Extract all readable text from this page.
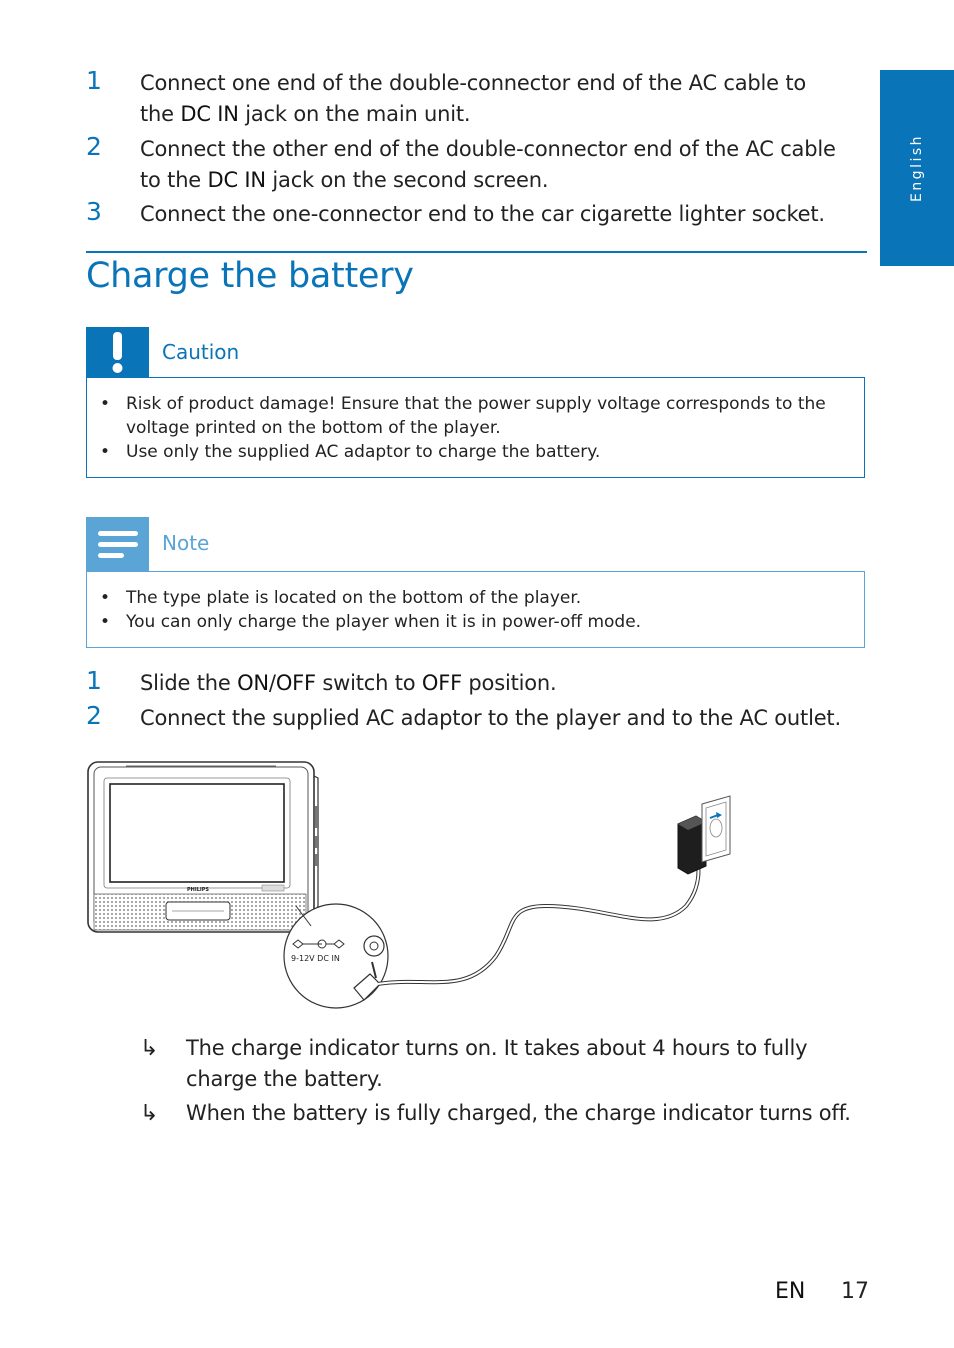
English
1 Connect one end of the double-connector end of the AC cable to
the DC IN jack on the main unit.
2 Connect the other end of the double-connector end of the AC cable
to the DC IN jack on the second screen.
3 Connect the one-connector end to the car cigarette lighter socket.
Charge the battery
Caution
• Risk of product damage! Ensure that the power supply voltage corresponds to the voltage printed on the bottom of the player.
• Use only the supplied AC adaptor to charge the battery.
Note
• The type plate is located on the bottom of the player.
• You can only charge the player when it is in power-off mode.
1 Slide the ON/OFF switch to OFF position.
2 Connect the supplied AC adaptor to the player and to the AC outlet.
PHILIPS
9-12V DC IN
↳ The charge indicator turns on. It takes about 4 hours to fully charge the battery.
↳ When the battery is fully charged, the charge indicator turns off.
EN 17
